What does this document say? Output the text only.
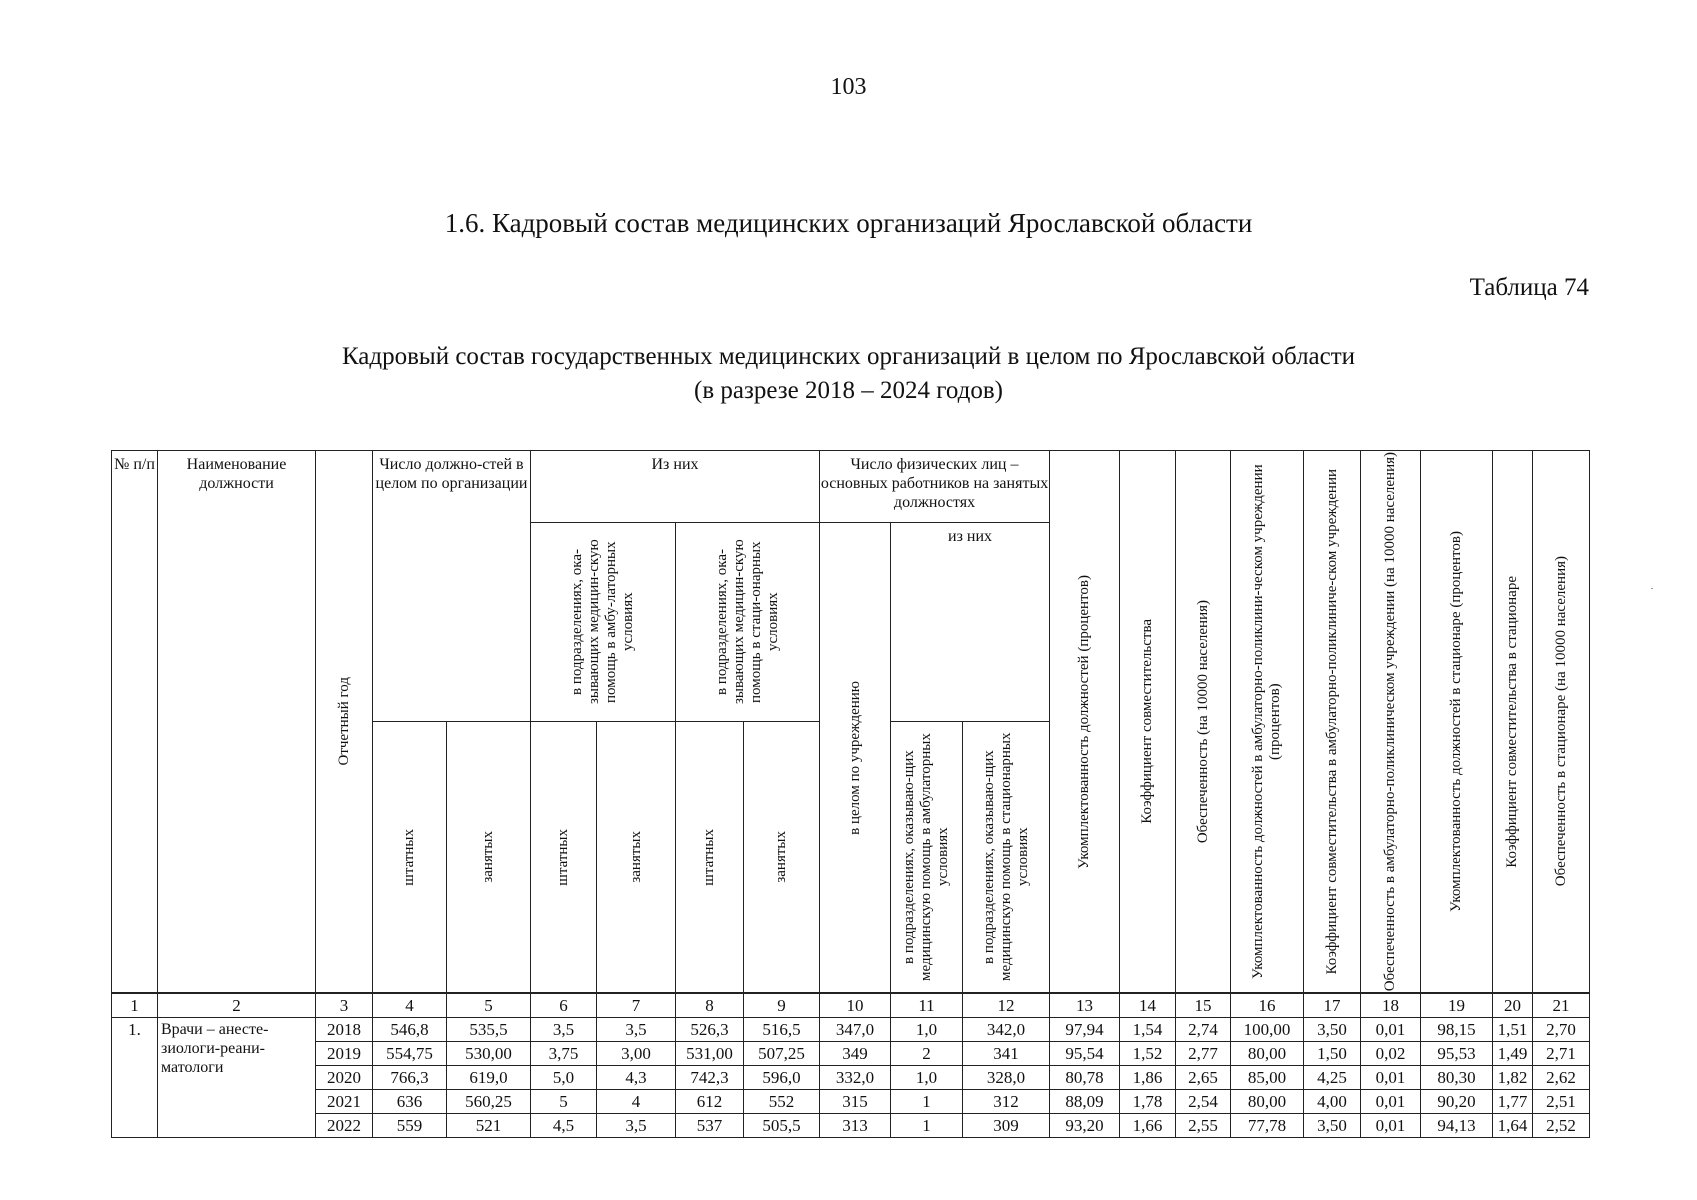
103
1.6. Кадровый состав медицинских организаций Ярославской области
Таблица 74
Кадровый состав государственных медицинских организаций в целом по Ярославской области
(в разрезе 2018 – 2024 годов)
№ п/п	Наименование должности	Отчетный год	Число должно-стей в целом по организации		Из них				Число физических лиц – основных работников на занятых должностях			Укомплектованность должностей (процентов)	Коэффициент совместительства	Обеспеченность (на 10000 населения)	Укомплектованность должностей в амбулаторно-поликлини-ческом учреждении (процентов)	Коэффициент совместительства в амбулаторно-поликлиниче-ском учреждении	Обеспеченность в амбулаторно-поликлиническом учреждении (на 10000 населения)	Укомплектованность должностей в стационаре (процентов)	Коэффициент совместительства в стационаре	Обеспеченность в стационаре (на 10000 населения)

					в подразделениях, ока-зывающих медицин-скую помощь в амбу-латорных условиях		в подразделениях, ока-зывающих медицин-скую помощь в стаци-онарных условиях		в целом по учреждению	из них										

			штатных	занятых	штатных	занятых	штатных	занятых		в подразделениях, оказываю-щих медицинскую помощь в амбулаторных условиях	в подразделениях, оказываю-щих медицинскую помощь в стационарных условиях									

1	2	3	4	5	6	7	8	9	10	11	12	13	14	15	16	17	18	19	20	21
1.	Врачи – анесте-зиологи-реани-матологи	2018	546,8	535,5	3,5	3,5	526,3	516,5	347,0	1,0	342,0	97,94	1,54	2,74	100,00	3,50	0,01	98,15	1,51	2,70
		2019	554,75	530,00	3,75	3,00	531,00	507,25	349	2	341	95,54	1,52	2,77	80,00	1,50	0,02	95,53	1,49	2,71
		2020	766,3	619,0	5,0	4,3	742,3	596,0	332,0	1,0	328,0	80,78	1,86	2,65	85,00	4,25	0,01	80,30	1,82	2,62
		2021	636	560,25	5	4	612	552	315	1	312	88,09	1,78	2,54	80,00	4,00	0,01	90,20	1,77	2,51
		2022	559	521	4,5	3,5	537	505,5	313	1	309	93,20	1,66	2,55	77,78	3,50	0,01	94,13	1,64	2,52
